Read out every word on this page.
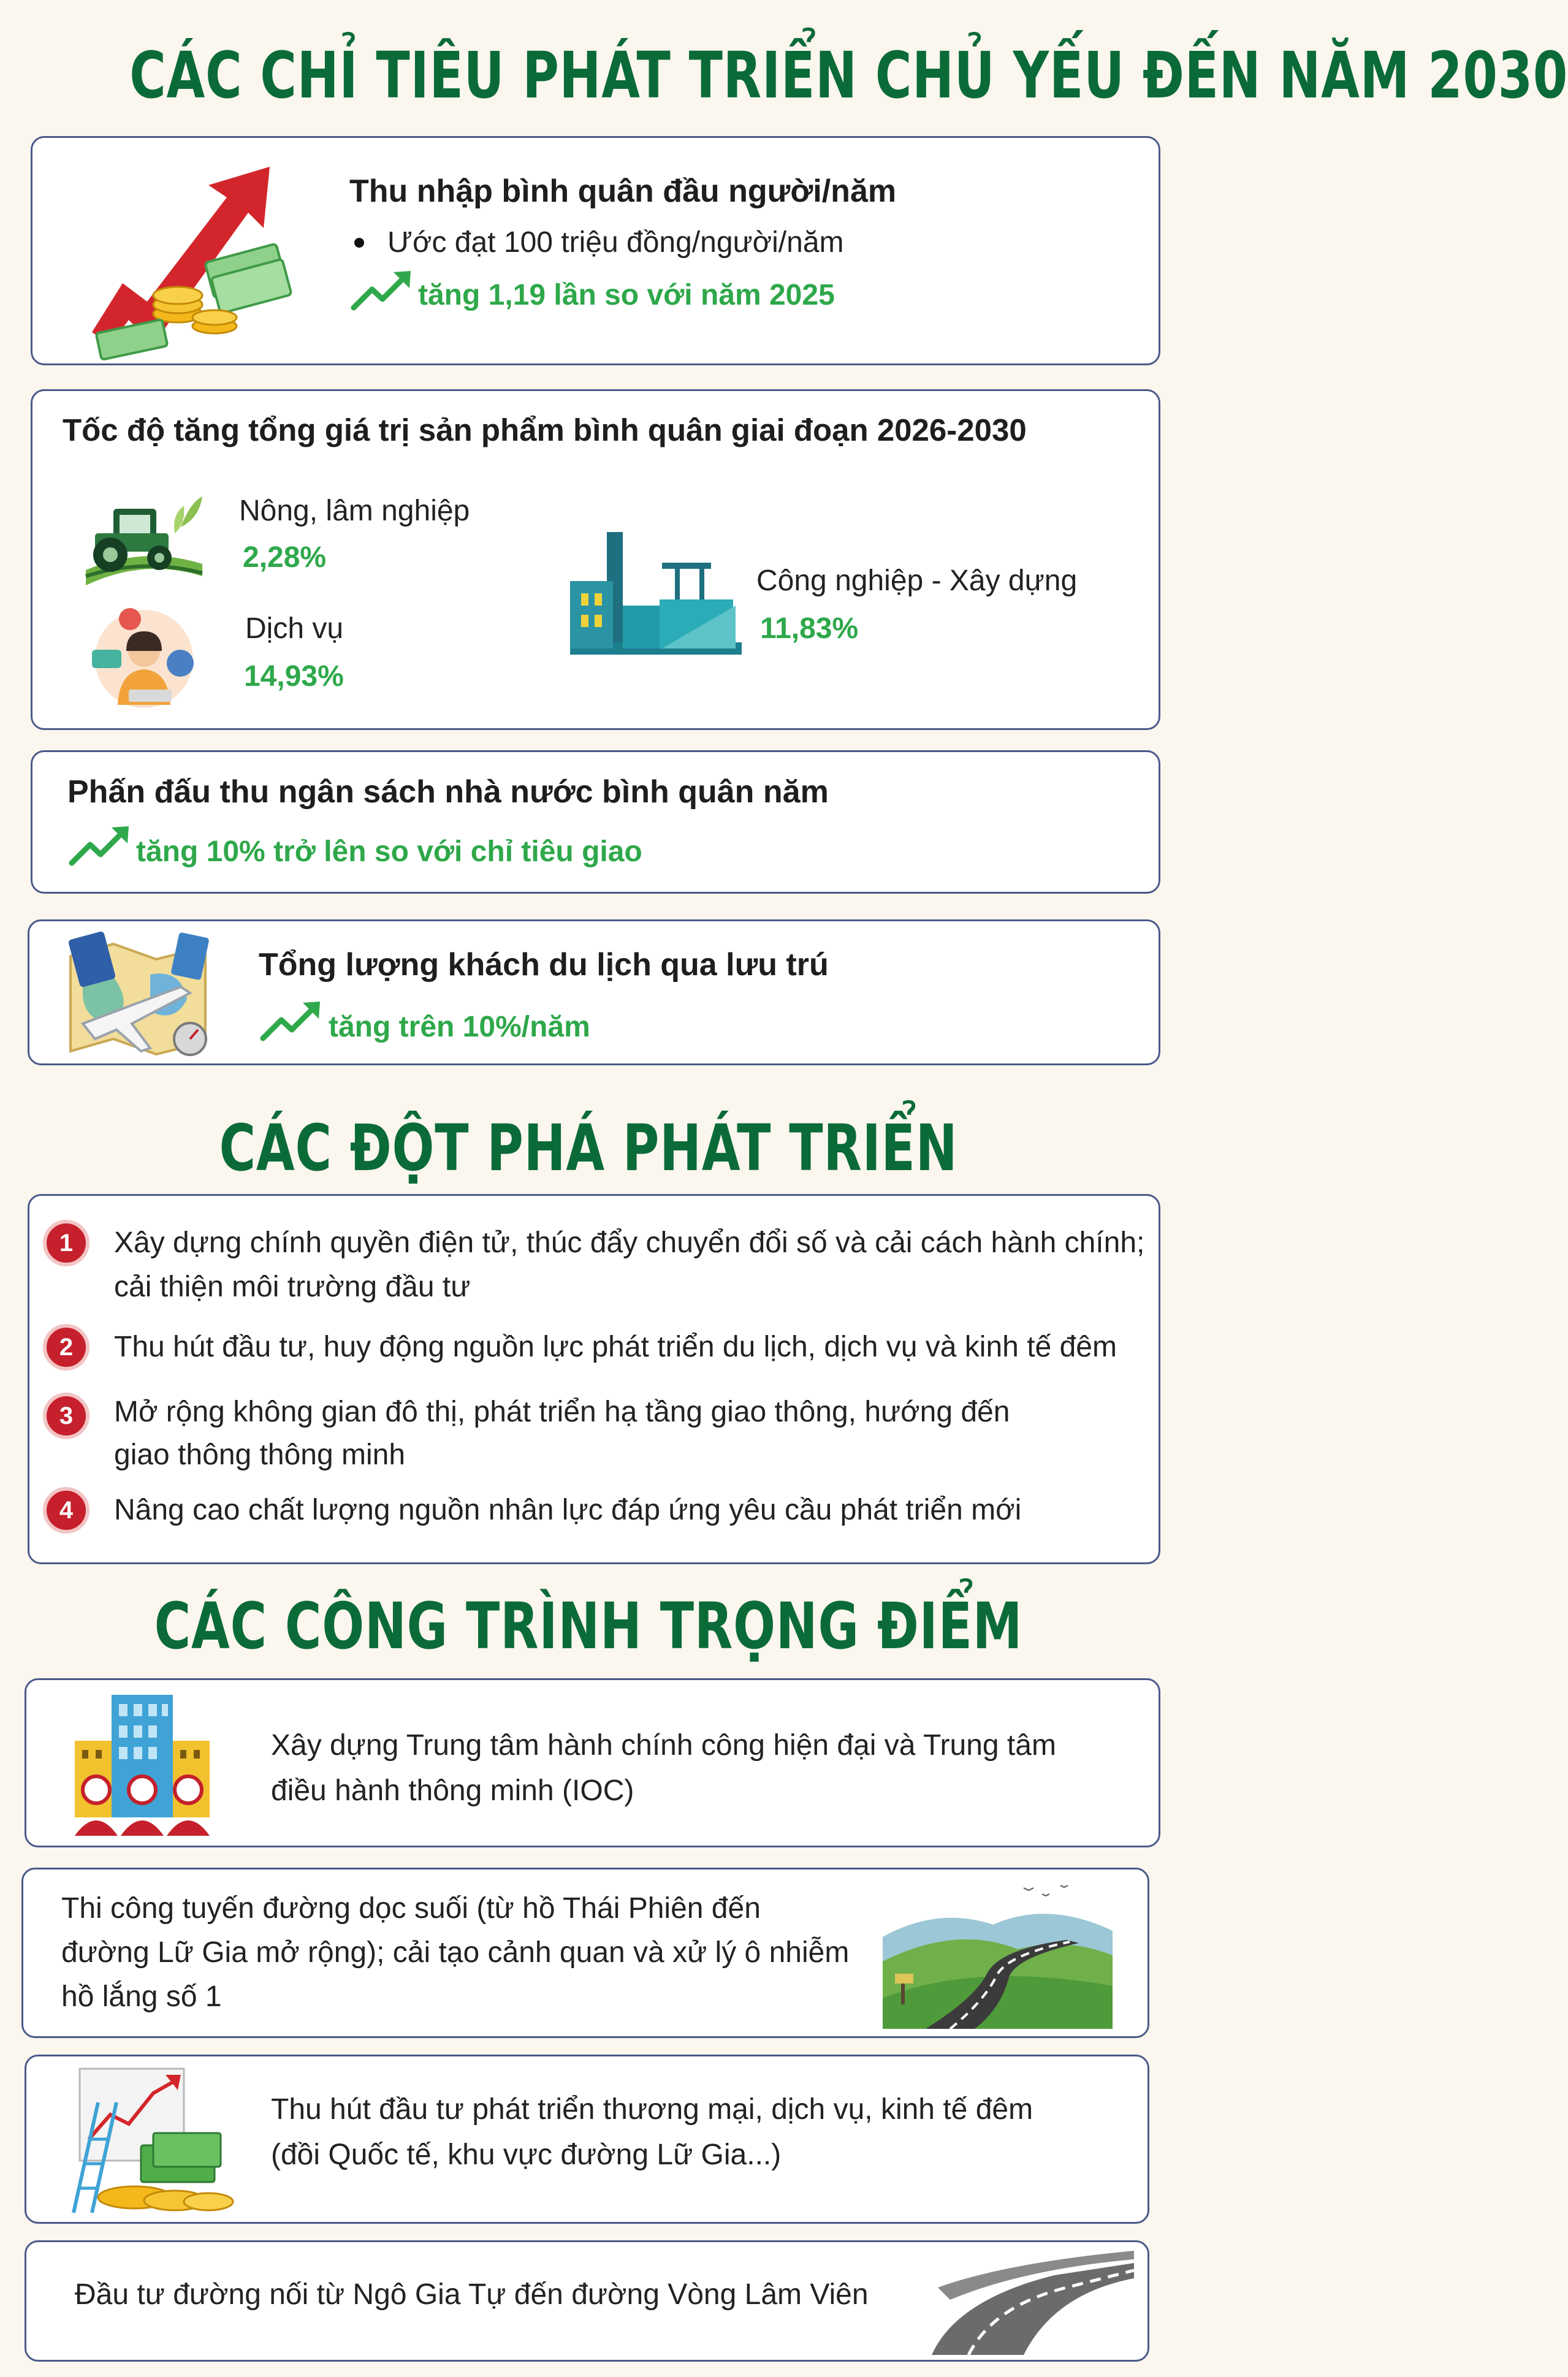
CÁC CHỈ TIÊU PHÁT TRIỂN CHỦ YẾU ĐẾN NĂM 2030
Thu nhập bình quân đầu người/năm
Ước đạt 100 triệu đồng/người/năm
tăng 1,19 lần so với năm 2025
Tốc độ tăng tổng giá trị sản phẩm bình quân giai đoạn 2026-2030
Nông, lâm nghiệp
2,28%
Dịch vụ
14,93%
Công nghiệp - Xây dựng
11,83%
Phấn đấu thu ngân sách nhà nước bình quân năm
tăng 10% trở lên so với chỉ tiêu giao
Tổng lượng khách du lịch qua lưu trú
tăng trên 10%/năm
CÁC ĐỘT PHÁ PHÁT TRIỂN
1	Xây dựng chính quyền điện tử, thúc đẩy chuyển đổi số và cải cách hành chính;
cải thiện môi trường đầu tư
2	Thu hút đầu tư, huy động nguồn lực phát triển du lịch, dịch vụ và kinh tế đêm
3	Mở rộng không gian đô thị, phát triển hạ tầng giao thông, hướng đến
giao thông thông minh
4	Nâng cao chất lượng nguồn nhân lực đáp ứng yêu cầu phát triển mới
CÁC CÔNG TRÌNH TRỌNG ĐIỂM
Xây dựng Trung tâm hành chính công hiện đại và Trung tâm
điều hành thông minh (IOC)
Thi công tuyến đường dọc suối (từ hồ Thái Phiên đến
đường Lữ Gia mở rộng); cải tạo cảnh quan và xử lý ô nhiễm
hồ lắng số 1
Thu hút đầu tư phát triển thương mại, dịch vụ, kinh tế đêm
(đồi Quốc tế, khu vực đường Lữ Gia...)
Đầu tư đường nối từ Ngô Gia Tự đến đường Vòng Lâm Viên
